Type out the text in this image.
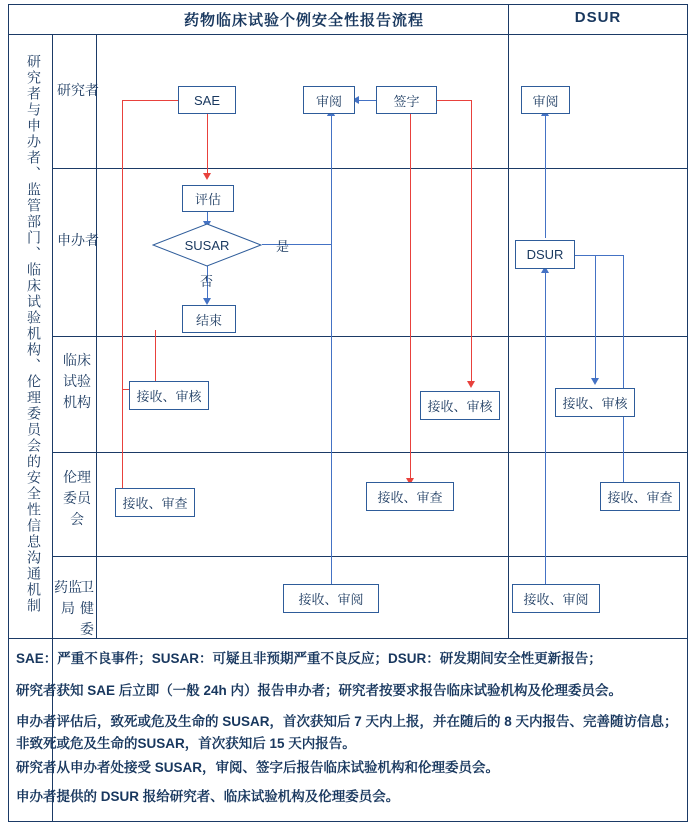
药物临床试验个例安全性报告流程	DSUR
研究者与申办者、监管部门、临床试验机构、伦理委员会的安全性信息沟通机制 研究者
申办者
临床试验机构
伦理委员会
药监局
卫健委
SAE	审阅	签字	审阅
评估
SUSAR	是
否
结束
DSUR
接收、审核
接收、审核	接收、审核
接收、审查	接收、审查	接收、审查
接收、审阅	接收、审阅
SAE：严重不良事件；SUSAR：可疑且非预期严重不良反应；DSUR：研发期间安全性更新报告；
研究者获知 SAE 后立即（一般 24h 内）报告申办者；研究者按要求报告临床试验机构及伦理委员会。
申办者评估后，致死或危及生命的 SUSAR，首次获知后 7 天内上报，并在随后的 8 天内报告、完善随访信息；非致死或危及生命的SUSAR，首次获知后 15 天内报告。
研究者从申办者处接受 SUSAR，审阅、签字后报告临床试验机构和伦理委员会。
申办者提供的 DSUR 报给研究者、临床试验机构及伦理委员会。
